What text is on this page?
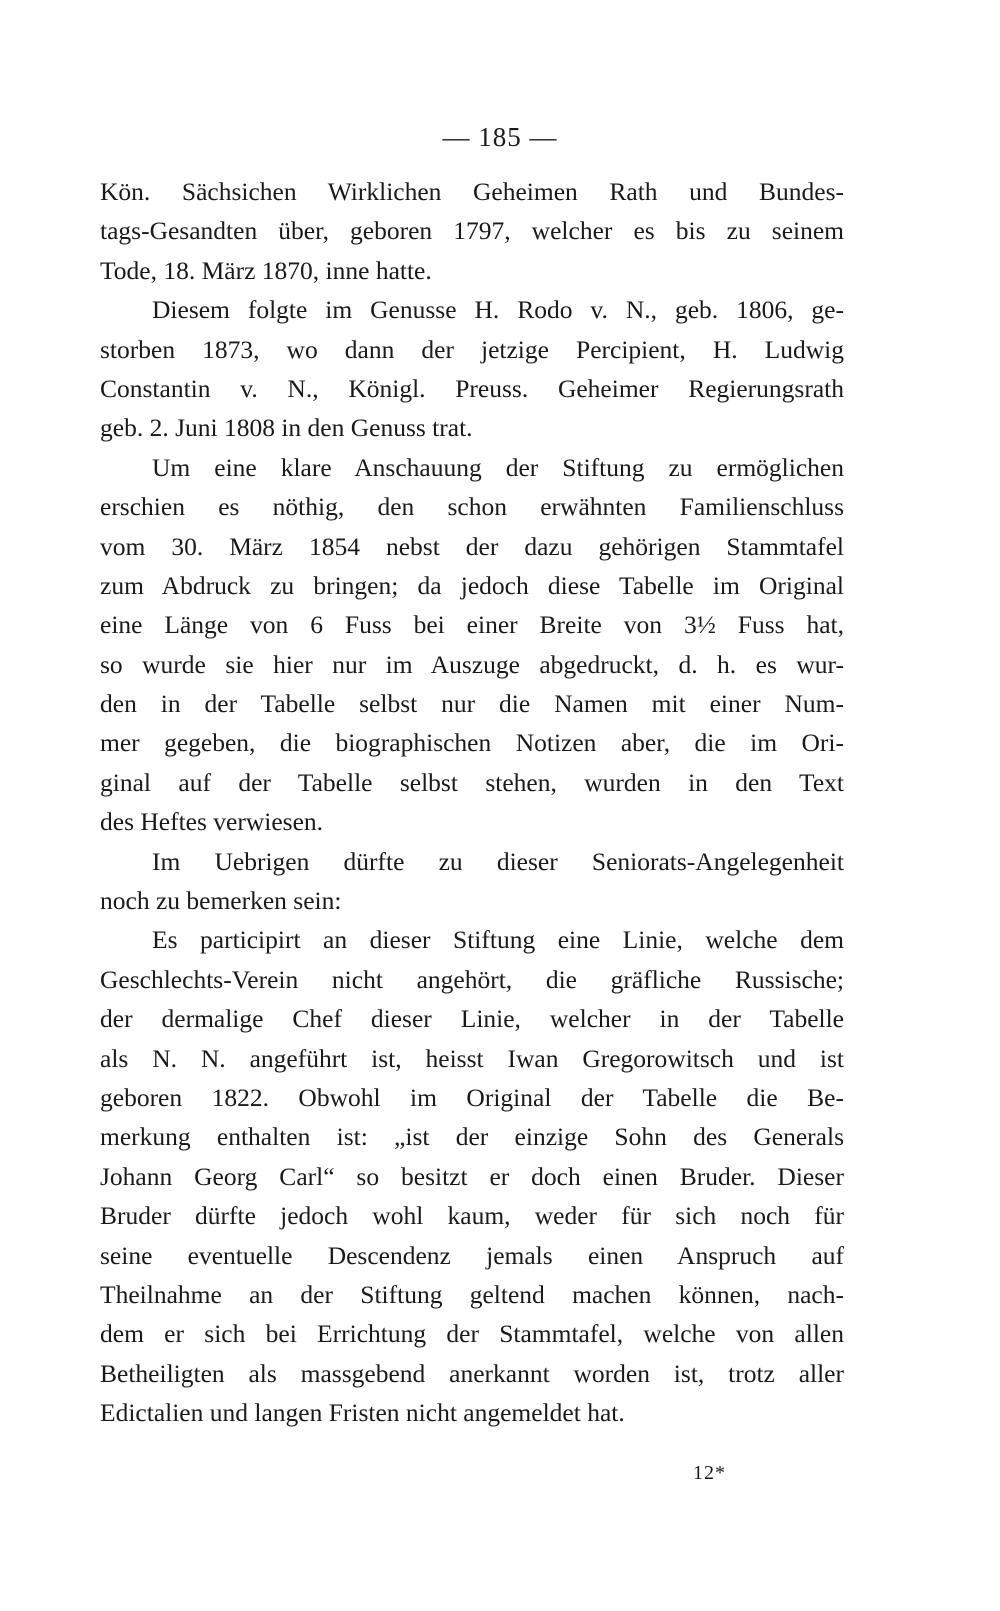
— 185 —
Kön. Sächsichen Wirklichen Geheimen Rath und Bundes-
tags-Gesandten über, geboren 1797, welcher es bis zu seinem
Tode, 18. März 1870, inne hatte.
Diesem folgte im Genusse H. Rodo v. N., geb. 1806, ge-
storben 1873, wo dann der jetzige Percipient, H. Ludwig
Constantin v. N., Königl. Preuss. Geheimer Regierungsrath
geb. 2. Juni 1808 in den Genuss trat.
Um eine klare Anschauung der Stiftung zu ermöglichen
erschien es nöthig, den schon erwähnten Familienschluss
vom 30. März 1854 nebst der dazu gehörigen Stammtafel
zum Abdruck zu bringen; da jedoch diese Tabelle im Original
eine Länge von 6 Fuss bei einer Breite von 3½ Fuss hat,
so wurde sie hier nur im Auszuge abgedruckt, d. h. es wur-
den in der Tabelle selbst nur die Namen mit einer Num-
mer gegeben, die biographischen Notizen aber, die im Ori-
ginal auf der Tabelle selbst stehen, wurden in den Text
des Heftes verwiesen.
Im Uebrigen dürfte zu dieser Seniorats-Angelegenheit
noch zu bemerken sein:
Es participirt an dieser Stiftung eine Linie, welche dem
Geschlechts-Verein nicht angehört, die gräfliche Russische;
der dermalige Chef dieser Linie, welcher in der Tabelle
als N. N. angeführt ist, heisst Iwan Gregorowitsch und ist
geboren 1822. Obwohl im Original der Tabelle die Be-
merkung enthalten ist: „ist der einzige Sohn des Generals
Johann Georg Carl“ so besitzt er doch einen Bruder. Dieser
Bruder dürfte jedoch wohl kaum, weder für sich noch für
seine eventuelle Descendenz jemals einen Anspruch auf
Theilnahme an der Stiftung geltend machen können, nach-
dem er sich bei Errichtung der Stammtafel, welche von allen
Betheiligten als massgebend anerkannt worden ist, trotz aller
Edictalien und langen Fristen nicht angemeldet hat.
12*
